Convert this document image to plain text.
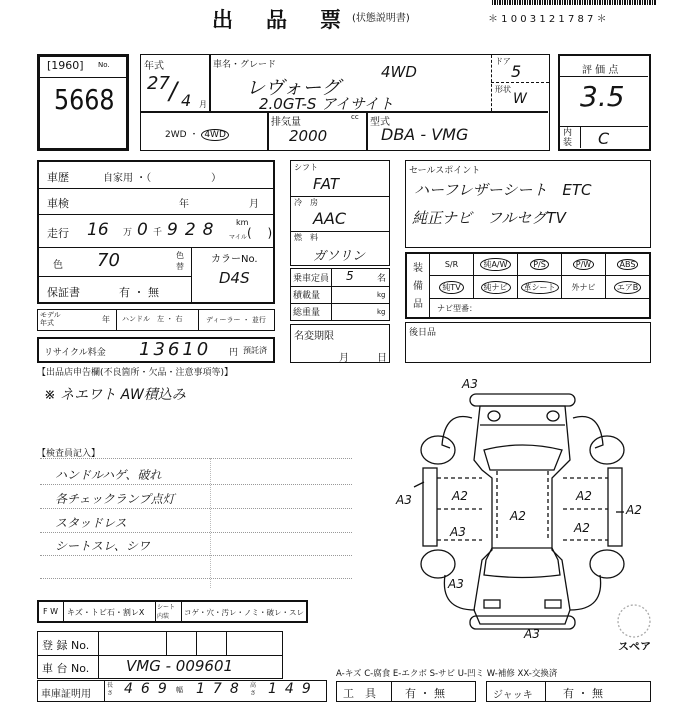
出　品　票 (状態説明書)	＊ 1 0 0 3 1 2 1 7 8 7 ＊
[1960] No.
5668
年式
27 / 4 月
車名・グレード	4WD
レヴォーグ
2.0GT-S アイサイト
ドア
5
形状
W
2WD ・ 4WD
排気量	cc
2000
型式
DBA - VMG
評 価 点
3.5
内装 C
車歴	自家用 ・（　　　　　　）
車検	年	月
走行 16 万 0 千 928 km
マイル (　 )
色 70	色替
カラーNo.
D4S
保証書	有 ・ 無
シフト
FAT
冷　房
AAC
燃　料
ガソリン
乗車定員 5	名
積載量	kg
総重量	kg
名変期限
月	日
モデル年式	年 ハンドル　 左 ・ 右	ディーラー ・ 並行
リサイクル料金 13610 円 預託済
セールスポイント
ハーフレザーシート　ETC
純正ナビ　フルセグTV
装備品
S/R	純A/W	P/S	P/W	ABS
純TV	純ナビ	革シート	外ナビ	エアB
ナビ型番：
後日品
【出品店申告欄(不良箇所・欠品・注意事項等)】
※ ネエワト AW積込み
【検査員記入】
ハンドルハゲ、破れ
各チェックランプ点灯
スタッドレス
シートスレ、シワ
A3
A3	A2
A3
A2
A2
A2
A2
A3
A3
スペア
F W キズ・トビ石・割レX
シート内装	コゲ・穴・汚レ・ノミ・破レ・スレ
登 録 No.
車 台 No. VMG - 009601
車庫証明用
長さ 469 幅 178 高さ 149
A-キズ C-腐食 E-エクボ S-サビ U-凹ミ W-補修 XX-交換済
工　具	有 ・ 無	ジャッキ	有 ・ 無
